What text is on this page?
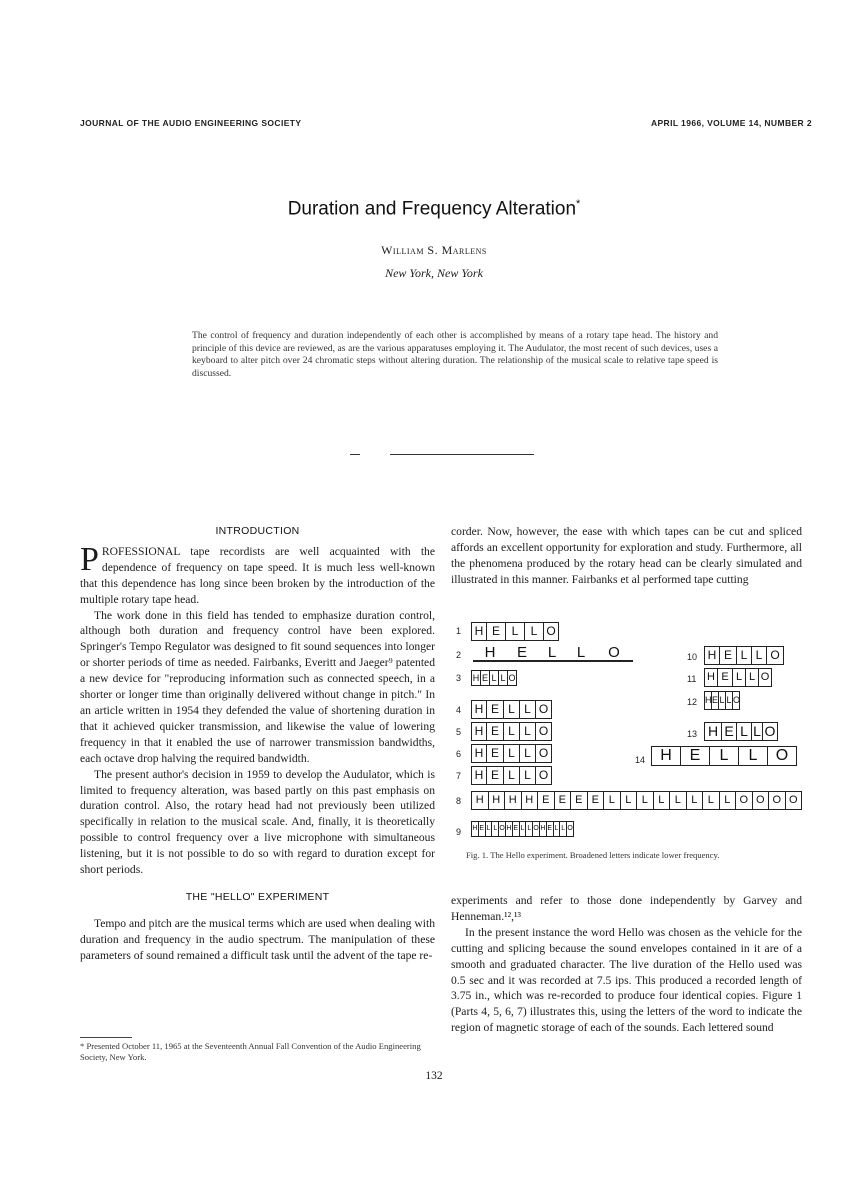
JOURNAL OF THE AUDIO ENGINEERING SOCIETY	APRIL 1966, VOLUME 14, NUMBER 2
Duration and Frequency Alteration*
William S. Marlens
New York, New York
The control of frequency and duration independently of each other is accomplished by means of a rotary tape head. The history and principle of this device are reviewed, as are the various apparatuses employing it. The Audulator, the most recent of such devices, uses a keyboard to alter pitch over 24 chromatic steps without altering duration. The relationship of the musical scale to relative tape speed is discussed.
INTRODUCTION

PROFESSIONAL tape recordists are well acquainted with the dependence of frequency on tape speed. It is much less well-known that this dependence has long since been broken by the introduction of the multiple rotary tape head.

The work done in this field has tended to emphasize duration control, although both duration and frequency control have been explored. Springer's Tempo Regulator was designed to fit sound sequences into longer or shorter periods of time as needed. Fairbanks, Everitt and Jaeger⁹ patented a new device for "reproducing information such as connected speech, in a shorter or longer time than originally delivered without change in pitch." In an article written in 1954 they defended the value of shortening duration in that it achieved quicker transmission, and likewise the value of lowering frequency in that it enabled the use of narrower transmission bandwidths, each octave drop halving the required bandwidth.

The present author's decision in 1959 to develop the Audulator, which is limited to frequency alteration, was based partly on this past emphasis on duration control. Also, the rotary head had not previously been utilized specifically in relation to the musical scale. And, finally, it is theoretically possible to control frequency over a live microphone with simultaneous listening, but it is not possible to do so with regard to duration except for short periods.

THE "HELLO" EXPERIMENT

Tempo and pitch are the musical terms which are used when dealing with duration and frequency in the audio spectrum. The manipulation of these parameters of sound remained a difficult task until the advent of the tape re-

* Presented October 11, 1965 at the Seventeenth Annual Fall Convention of the Audio Engineering Society, New York.

corder. Now, however, the ease with which tapes can be cut and spliced affords an excellent opportunity for exploration and study. Furthermore, all the phenomena produced by the rotary head can be clearly simulated and illustrated in this manner. Fairbanks et al performed tape cutting

1 H E L	L O
2	H	E	L	L	O
3 H E L L O
4 H E L L O
5 H E L L O
6 H E L L O
7 H E L L O
8	H H H H E E E E L L L L L L L L O O O O
9 H E L L O H E L L O H E L L O
10 H E L L O
11 H E L L O
12 H E L L O
13 H E L L O
14 H	E	L	L	O
Fig. 1. The Hello experiment. Broadened letters indicate lower frequency.

experiments and refer to those done independently by Garvey and Henneman.¹²,¹³

In the present instance the word Hello was chosen as the vehicle for the cutting and splicing because the sound envelopes contained in it are of a smooth and graduated character. The live duration of the Hello used was 0.5 sec and it was recorded at 7.5 ips. This produced a recorded length of 3.75 in., which was re-recorded to produce four identical copies. Figure 1 (Parts 4, 5, 6, 7) illustrates this, using the letters of the word to indicate the region of magnetic storage of each of the sounds. Each lettered sound

132
